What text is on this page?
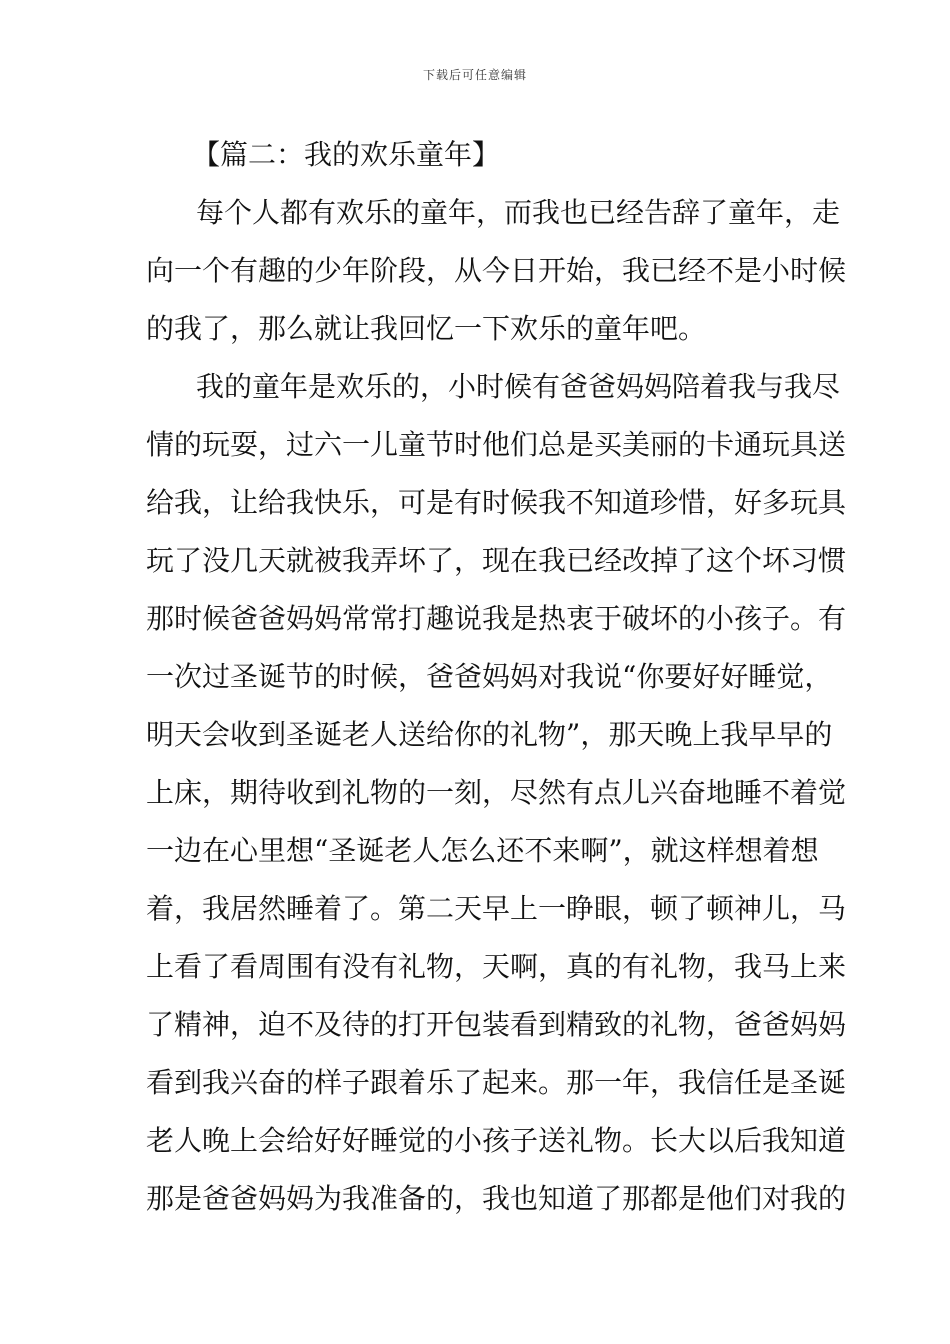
下载后可任意编辑
【篇二：我的欢乐童年】
每个人都有欢乐的童年，而我也已经告辞了童年，走
向一个有趣的少年阶段，从今日开始，我已经不是小时候
的我了，那么就让我回忆一下欢乐的童年吧。
我的童年是欢乐的，小时候有爸爸妈妈陪着我与我尽
情的玩耍，过六一儿童节时他们总是买美丽的卡通玩具送
给我，让给我快乐，可是有时候我不知道珍惜，好多玩具
玩了没几天就被我弄坏了，现在我已经改掉了这个坏习惯
那时候爸爸妈妈常常打趣说我是热衷于破坏的小孩子。有
一次过圣诞节的时候，爸爸妈妈对我说“你要好好睡觉，
明天会收到圣诞老人送给你的礼物”，那天晚上我早早的
上床，期待收到礼物的一刻，尽然有点儿兴奋地睡不着觉
一边在心里想“圣诞老人怎么还不来啊”，就这样想着想
着，我居然睡着了。第二天早上一睁眼，顿了顿神儿，马
上看了看周围有没有礼物，天啊，真的有礼物，我马上来
了精神，迫不及待的打开包装看到精致的礼物，爸爸妈妈
看到我兴奋的样子跟着乐了起来。那一年，我信任是圣诞
老人晚上会给好好睡觉的小孩子送礼物。长大以后我知道
那是爸爸妈妈为我准备的，我也知道了那都是他们对我的
